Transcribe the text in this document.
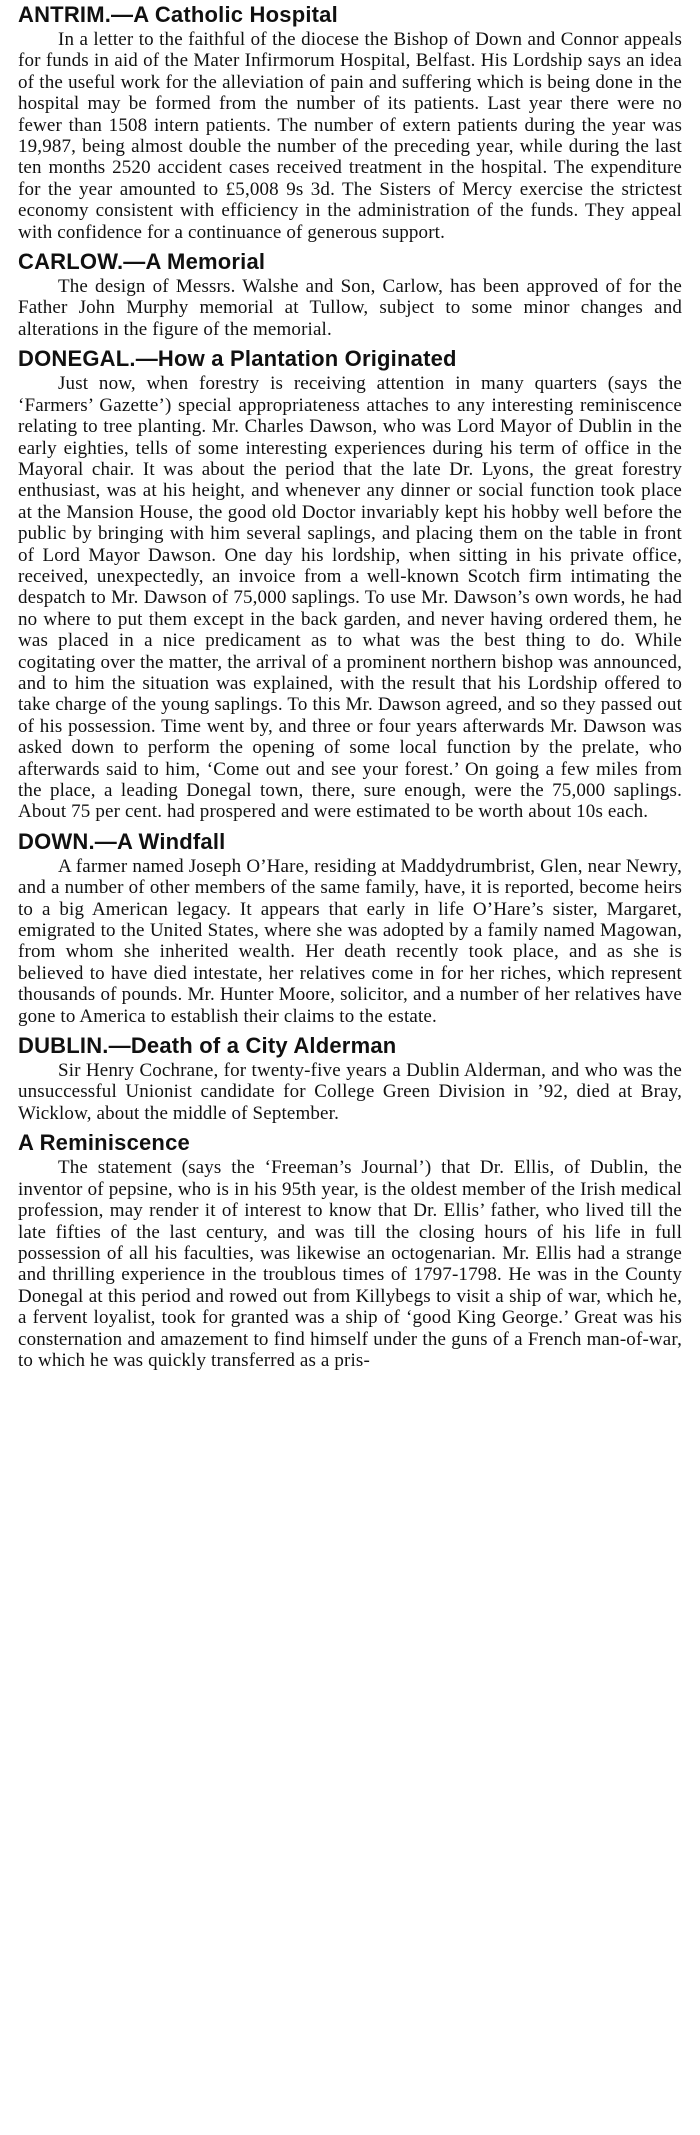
ANTRIM.—A Catholic Hospital

In a letter to the faithful of the diocese the Bishop of Down and Connor appeals for funds in aid of the Mater Infirmorum Hospital, Belfast. His Lordship says an idea of the useful work for the alleviation of pain and suffering which is being done in the hospital may be formed from the number of its patients. Last year there were no fewer than 1508 intern patients. The number of extern patients during the year was 19,987, being almost double the number of the preceding year, while during the last ten months 2520 accident cases received treatment in the hospital. The expenditure for the year amounted to £5,008 9s 3d. The Sisters of Mercy exercise the strictest economy consistent with efficiency in the administration of the funds. They appeal with confidence for a continuance of generous support.

CARLOW.—A Memorial

The design of Messrs. Walshe and Son, Carlow, has been approved of for the Father John Murphy memorial at Tullow, subject to some minor changes and alterations in the figure of the memorial.

DONEGAL.—How a Plantation Originated

Just now, when forestry is receiving attention in many quarters (says the ‘Farmers’ Gazette’) special appropriateness attaches to any interesting reminiscence relating to tree planting. Mr. Charles Dawson, who was Lord Mayor of Dublin in the early eighties, tells of some interesting experiences during his term of office in the Mayoral chair. It was about the period that the late Dr. Lyons, the great forestry enthusiast, was at his height, and whenever any dinner or social function took place at the Mansion House, the good old Doctor invariably kept his hobby well before the public by bringing with him several saplings, and placing them on the table in front of Lord Mayor Dawson. One day his lordship, when sitting in his private office, received, unexpectedly, an invoice from a well-known Scotch firm intimating the despatch to Mr. Dawson of 75,000 saplings. To use Mr. Dawson’s own words, he had no where to put them except in the back garden, and never having ordered them, he was placed in a nice predicament as to what was the best thing to do. While cogitating over the matter, the arrival of a prominent northern bishop was announced, and to him the situation was explained, with the result that his Lordship offered to take charge of the young saplings. To this Mr. Dawson agreed, and so they passed out of his possession. Time went by, and three or four years afterwards Mr. Dawson was asked down to perform the opening of some local function by the prelate, who afterwards said to him, ‘Come out and see your forest.’ On going a few miles from the place, a leading Donegal town, there, sure enough, were the 75,000 saplings. About 75 per cent. had prospered and were estimated to be worth about 10s each.

DOWN.—A Windfall

A farmer named Joseph O’Hare, residing at Maddydrumbrist, Glen, near Newry, and a number of other members of the same family, have, it is reported, become heirs to a big American legacy. It appears that early in life O’Hare’s sister, Margaret, emigrated to the United States, where she was adopted by a family named Magowan, from whom she inherited wealth. Her death recently took place, and as she is believed to have died intestate, her relatives come in for her riches, which represent thousands of pounds. Mr. Hunter Moore, solicitor, and a number of her relatives have gone to America to establish their claims to the estate.

DUBLIN.—Death of a City Alderman

Sir Henry Cochrane, for twenty-five years a Dublin Alderman, and who was the unsuccessful Unionist candidate for College Green Division in ’92, died at Bray, Wicklow, about the middle of September.

A Reminiscence

The statement (says the ‘Freeman’s Journal’) that Dr. Ellis, of Dublin, the inventor of pepsine, who is in his 95th year, is the oldest member of the Irish medical profession, may render it of interest to know that Dr. Ellis’ father, who lived till the late fifties of the last century, and was till the closing hours of his life in full possession of all his faculties, was likewise an octogenarian. Mr. Ellis had a strange and thrilling experience in the troublous times of 1797-1798. He was in the County Donegal at this period and rowed out from Killybegs to visit a ship of war, which he, a fervent loyalist, took for granted was a ship of ‘good King George.’ Great was his consternation and amazement to find himself under the guns of a French man-of-war, to which he was quickly transferred as a pris-
